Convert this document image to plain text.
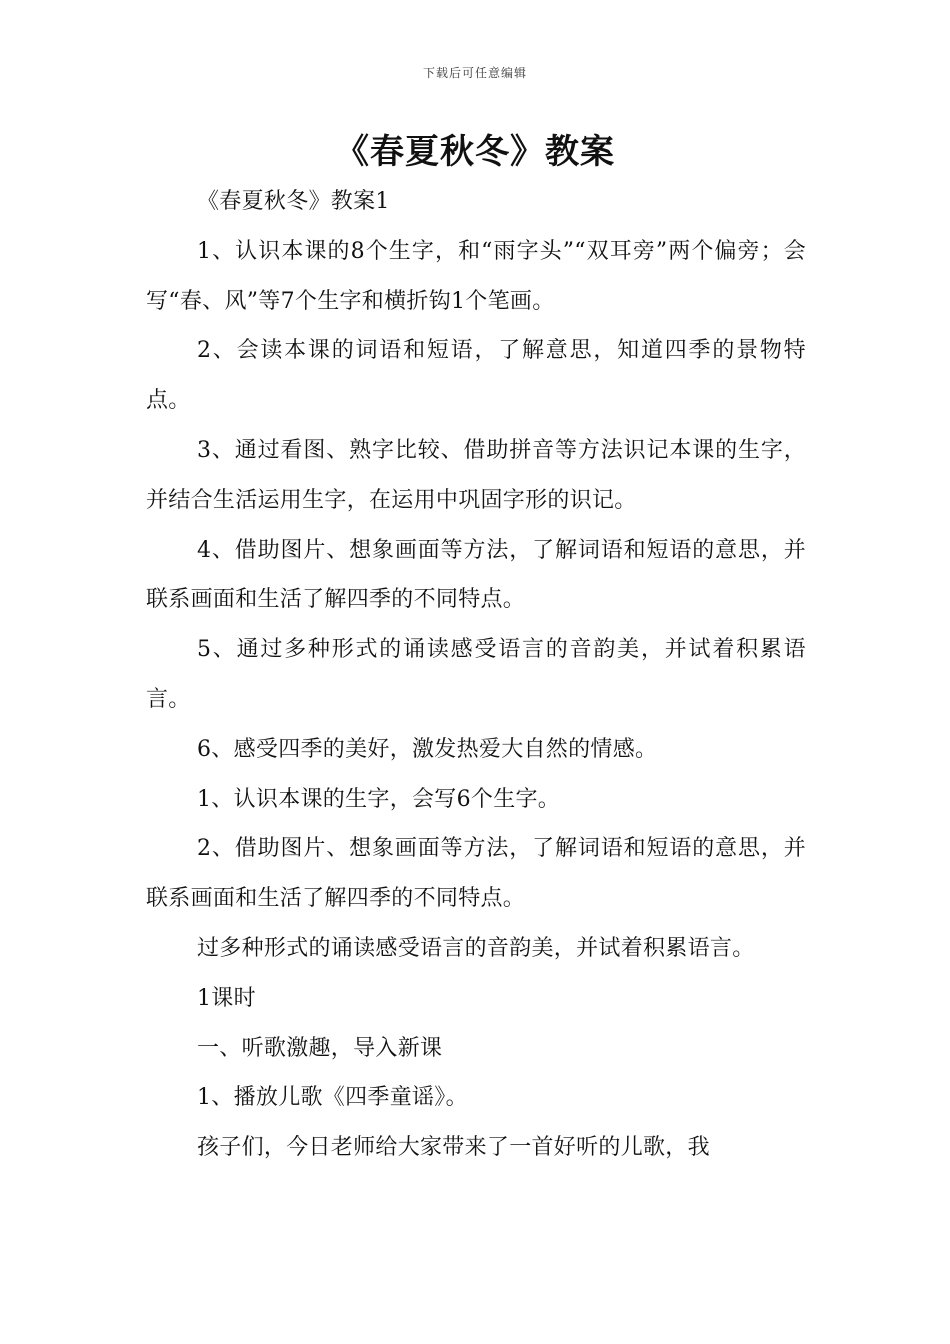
下载后可任意编辑
《春夏秋冬》教案

《春夏秋冬》教案1

1、认识本课的8个生字，和“雨字头”“双耳旁”两个偏旁；会写“春、风”等7个生字和横折钩1个笔画。

2、会读本课的词语和短语，了解意思，知道四季的景物特点。

3、通过看图、熟字比较、借助拼音等方法识记本课的生字，并结合生活运用生字，在运用中巩固字形的识记。

4、借助图片、想象画面等方法，了解词语和短语的意思，并联系画面和生活了解四季的不同特点。

5、通过多种形式的诵读感受语言的音韵美，并试着积累语言。

6、感受四季的美好，激发热爱大自然的情感。

1、认识本课的生字，会写6个生字。

2、借助图片、想象画面等方法，了解词语和短语的意思，并联系画面和生活了解四季的不同特点。

过多种形式的诵读感受语言的音韵美，并试着积累语言。

1课时

一、听歌激趣，导入新课

1、播放儿歌《四季童谣》。

孩子们，今日老师给大家带来了一首好听的儿歌，我
